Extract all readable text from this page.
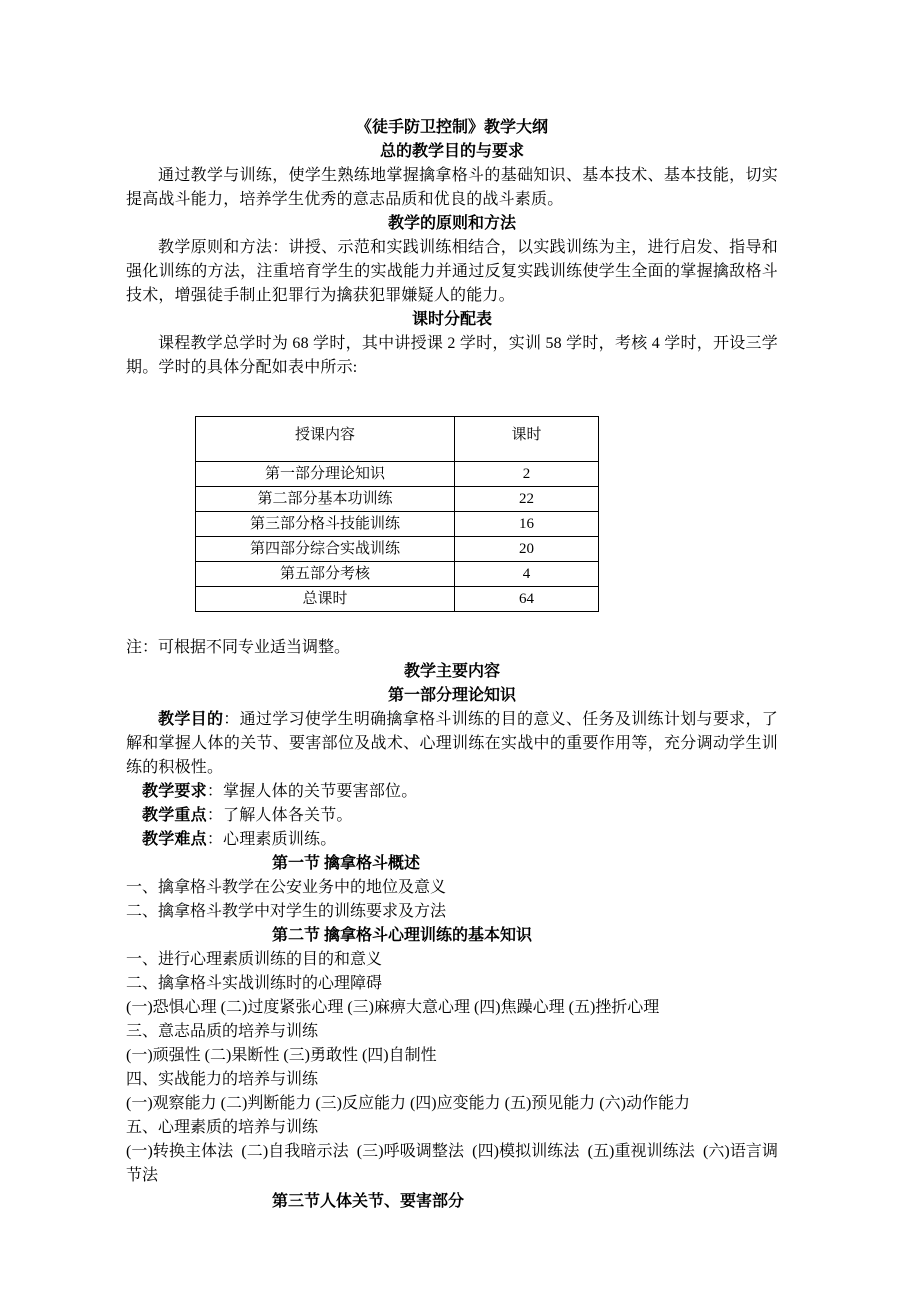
《徒手防卫控制》教学大纲
总的教学目的与要求
通过教学与训练，使学生熟练地掌握擒拿格斗的基础知识、基本技术、基本技能，切实提高战斗能力，培养学生优秀的意志品质和优良的战斗素质。
教学的原则和方法
教学原则和方法：讲授、示范和实践训练相结合，以实践训练为主，进行启发、指导和强化训练的方法，注重培育学生的实战能力并通过反复实践训练使学生全面的掌握擒敌格斗技术，增强徒手制止犯罪行为擒获犯罪嫌疑人的能力。
课时分配表
课程教学总学时为 68 学时，其中讲授课 2 学时，实训 58 学时，考核 4 学时，开设三学期。学时的具体分配如表中所示:
授课内容	课时
第一部分理论知识	2
第二部分基本功训练	22
第三部分格斗技能训练	16
第四部分综合实战训练	20
第五部分考核	4
总课时	64
注：可根据不同专业适当调整。
教学主要内容
第一部分理论知识
教学目的：通过学习使学生明确擒拿格斗训练的目的意义、任务及训练计划与要求，了解和掌握人体的关节、要害部位及战术、心理训练在实战中的重要作用等，充分调动学生训练的积极性。
教学要求：掌握人体的关节要害部位。
教学重点：了解人体各关节。
教学难点：心理素质训练。
第一节 擒拿格斗概述
一、擒拿格斗教学在公安业务中的地位及意义
二、擒拿格斗教学中对学生的训练要求及方法
第二节 擒拿格斗心理训练的基本知识
一、进行心理素质训练的目的和意义
二、擒拿格斗实战训练时的心理障碍
(一)恐惧心理 (二)过度紧张心理 (三)麻痹大意心理 (四)焦躁心理 (五)挫折心理
三、意志品质的培养与训练
(一)顽强性 (二)果断性 (三)勇敢性 (四)自制性
四、实战能力的培养与训练
(一)观察能力 (二)判断能力 (三)反应能力 (四)应变能力 (五)预见能力 (六)动作能力
五、心理素质的培养与训练
(一)转换主体法  (二)自我暗示法  (三)呼吸调整法  (四)模拟训练法  (五)重视训练法  (六)语言调节法
第三节人体关节、要害部分
